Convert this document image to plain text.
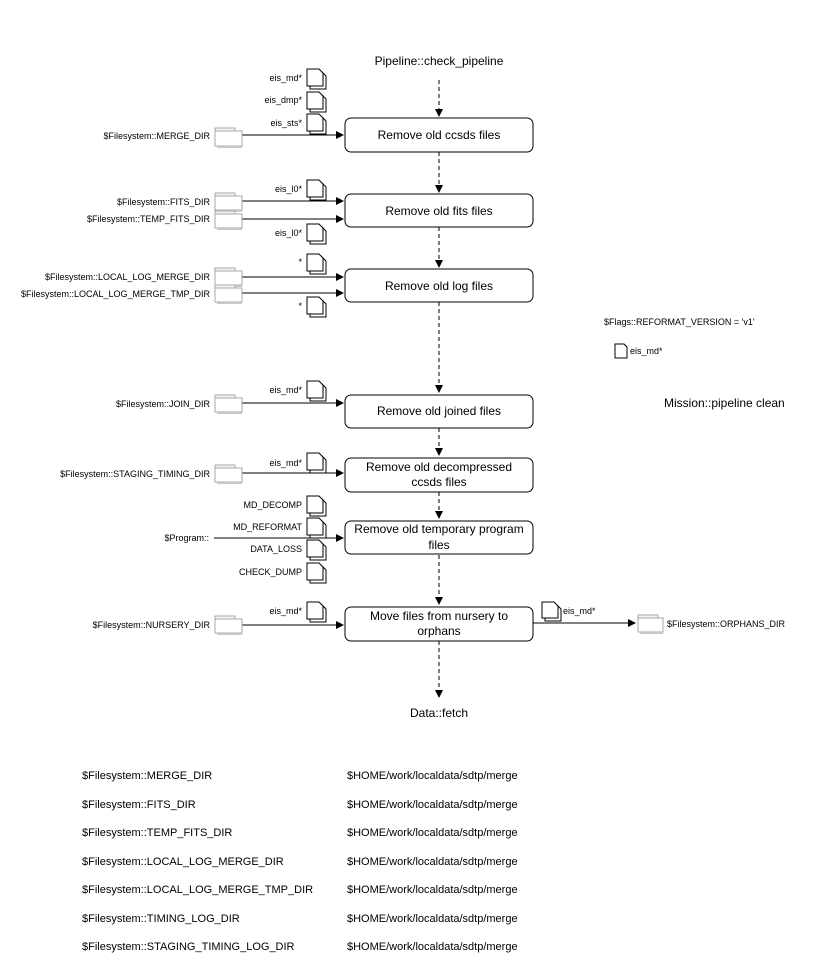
Pipeline::check_pipeline
Remove old ccsds files
Remove old fits files
Remove old log files
Remove old joined files
Remove old decompressed
ccsds files
Remove old temporary program
files
Move files from nursery to
orphans
eis_md*
eis_dmp*
eis_sts*
eis_l0*
eis_l0*
*
*
eis_md*
eis_md*
MD_DECOMP
MD_REFORMAT
DATA_LOSS
CHECK_DUMP
eis_md*	eis_md*
$Filesystem::MERGE_DIR
$Filesystem::FITS_DIR
$Filesystem::TEMP_FITS_DIR
$Filesystem::LOCAL_LOG_MERGE_DIR
$Filesystem::LOCAL_LOG_MERGE_TMP_DIR
$Filesystem::JOIN_DIR
$Filesystem::STAGING_TIMING_DIR
$Program::
$Filesystem::NURSERY_DIR	$Filesystem::ORPHANS_DIR
$Flags::REFORMAT_VERSION = 'v1'
eis_md*
Mission::pipeline clean
Data::fetch
$Filesystem::MERGE_DIR	$HOME/work/localdata/sdtp/merge
$Filesystem::FITS_DIR	$HOME/work/localdata/sdtp/merge
$Filesystem::TEMP_FITS_DIR	$HOME/work/localdata/sdtp/merge
$Filesystem::LOCAL_LOG_MERGE_DIR	$HOME/work/localdata/sdtp/merge
$Filesystem::LOCAL_LOG_MERGE_TMP_DIR	$HOME/work/localdata/sdtp/merge
$Filesystem::TIMING_LOG_DIR	$HOME/work/localdata/sdtp/merge
$Filesystem::STAGING_TIMING_LOG_DIR	$HOME/work/localdata/sdtp/merge
